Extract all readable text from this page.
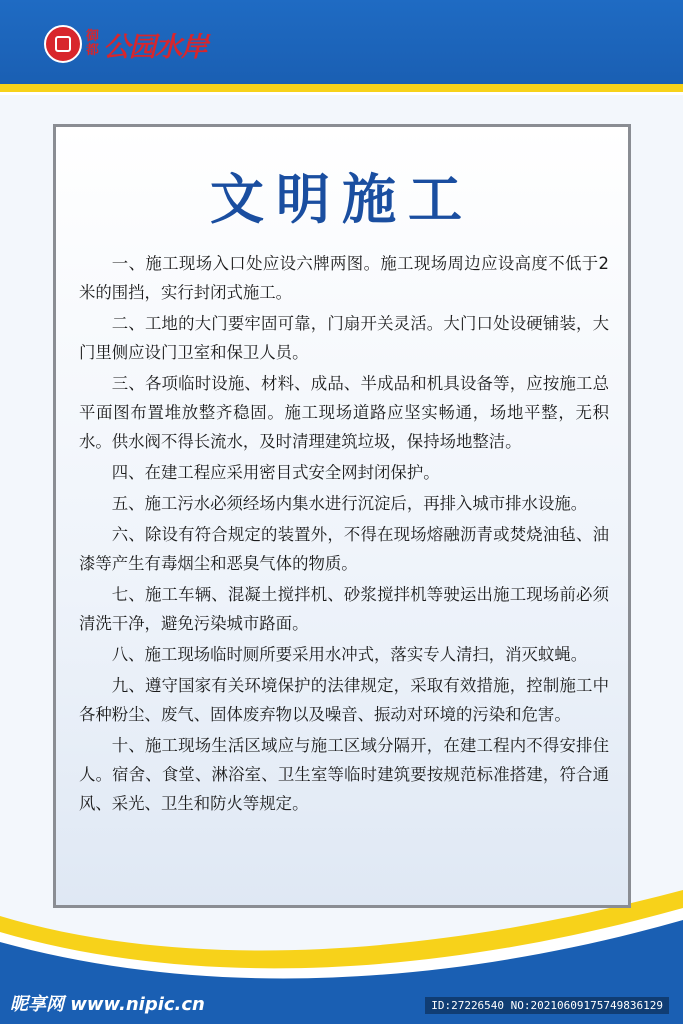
御
都 公园水岸
文明施工

一、施工现场入口处应设六牌两图。施工现场周边应设高度不低于2米的围挡，实行封闭式施工。

二、工地的大门要牢固可靠，门扇开关灵活。大门口处设硬铺装，大门里侧应设门卫室和保卫人员。

三、各项临时设施、材料、成品、半成品和机具设备等，应按施工总平面图布置堆放整齐稳固。施工现场道路应坚实畅通，场地平整，无积水。供水阀不得长流水，及时清理建筑垃圾，保持场地整洁。

四、在建工程应采用密目式安全网封闭保护。

五、施工污水必须经场内集水进行沉淀后，再排入城市排水设施。

六、除设有符合规定的装置外，不得在现场熔融沥青或焚烧油毡、油漆等产生有毒烟尘和恶臭气体的物质。

七、施工车辆、混凝土搅拌机、砂浆搅拌机等驶运出施工现场前必须清洗干净，避免污染城市路面。

八、施工现场临时厕所要采用水冲式，落实专人清扫，消灭蚊蝇。

九、遵守国家有关环境保护的法律规定，采取有效措施，控制施工中各种粉尘、废气、固体废弃物以及噪音、振动对环境的污染和危害。

十、施工现场生活区域应与施工区域分隔开，在建工程内不得安排住人。宿舍、食堂、淋浴室、卫生室等临时建筑要按规范标准搭建，符合通风、采光、卫生和防火等规定。

昵享网 www.nipic.cn	ID:27226540 NO:20210609175749836129
